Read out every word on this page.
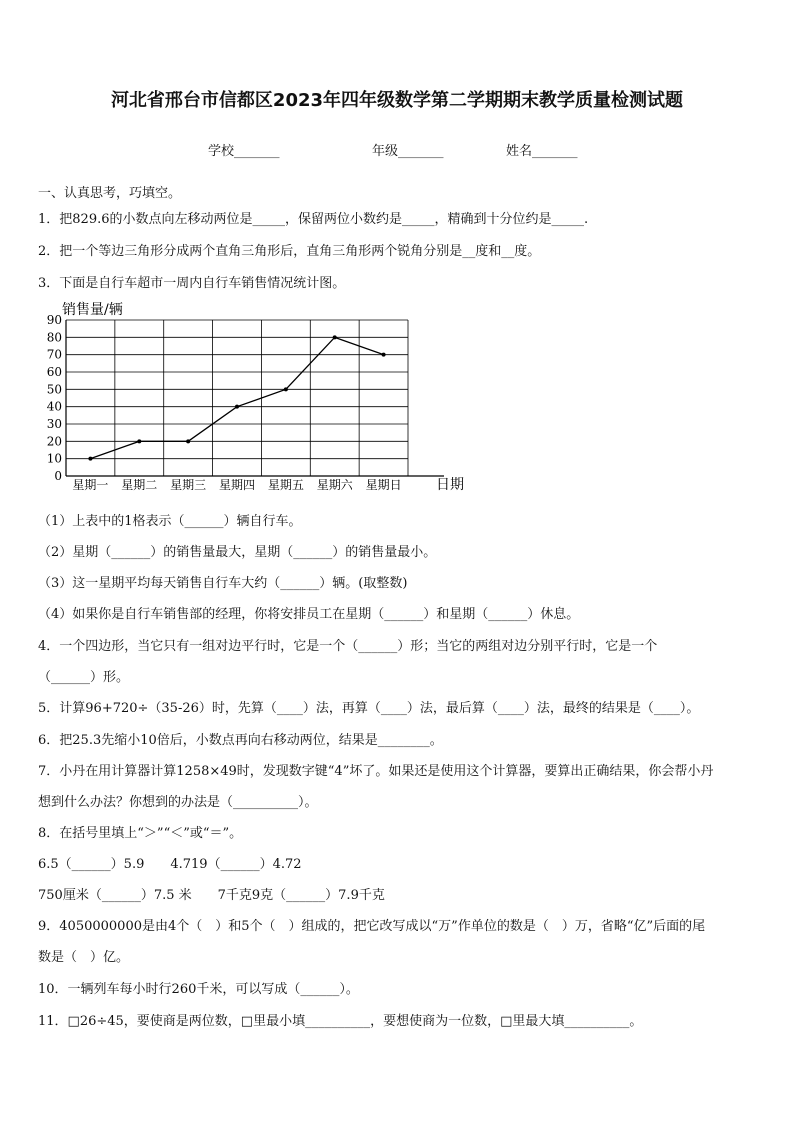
河北省邢台市信都区2023年四年级数学第二学期期末教学质量检测试题
学校_______	年级_______	姓名_______
一、认真思考，巧填空。
1．把829.6的小数点向左移动两位是_____，保留两位小数约是_____，精确到十分位约是_____.
2．把一个等边三角形分成两个直角三角形后，直角三角形两个锐角分别是__度和__度。
3．下面是自行车超市一周内自行车销售情况统计图。
销售量/辆
0
10
20
30
40
50
60
70
80
90
星期一 星期二 星期三 星期四 星期五 星期六 星期日 日期
（1）上表中的1格表示（______）辆自行车。
（2）星期（______）的销售量最大，星期（______）的销售量最小。
（3）这一星期平均每天销售自行车大约（______）辆。(取整数)
（4）如果你是自行车销售部的经理，你将安排员工在星期（______）和星期（______）休息。
4．一个四边形，当它只有一组对边平行时，它是一个（______）形；当它的两组对边分别平行时，它是一个
（______）形。
5．计算96+720÷（35-26）时，先算（____）法，再算（____）法，最后算（____）法，最终的结果是（____）。
6．把25.3先缩小10倍后，小数点再向右移动两位，结果是________。
7．小丹在用计算器计算1258×49时，发现数字键“4”坏了。如果还是使用这个计算器，要算出正确结果，你会帮小丹
想到什么办法？你想到的办法是（__________）。
8．在括号里填上“＞”“＜”或“＝”。
6.5（______）5.9　　4.719（______）4.72
750厘米（______）7.5 米　　7千克9克（______）7.9千克
9．4050000000是由4个（　）和5个（　）组成的，把它改写成以“万”作单位的数是（　）万，省略“亿”后面的尾
数是（　）亿。
10．一辆列车每小时行260千米，可以写成（______）。
11．□26÷45，要使商是两位数，□里最小填__________，要想使商为一位数，□里最大填__________。
